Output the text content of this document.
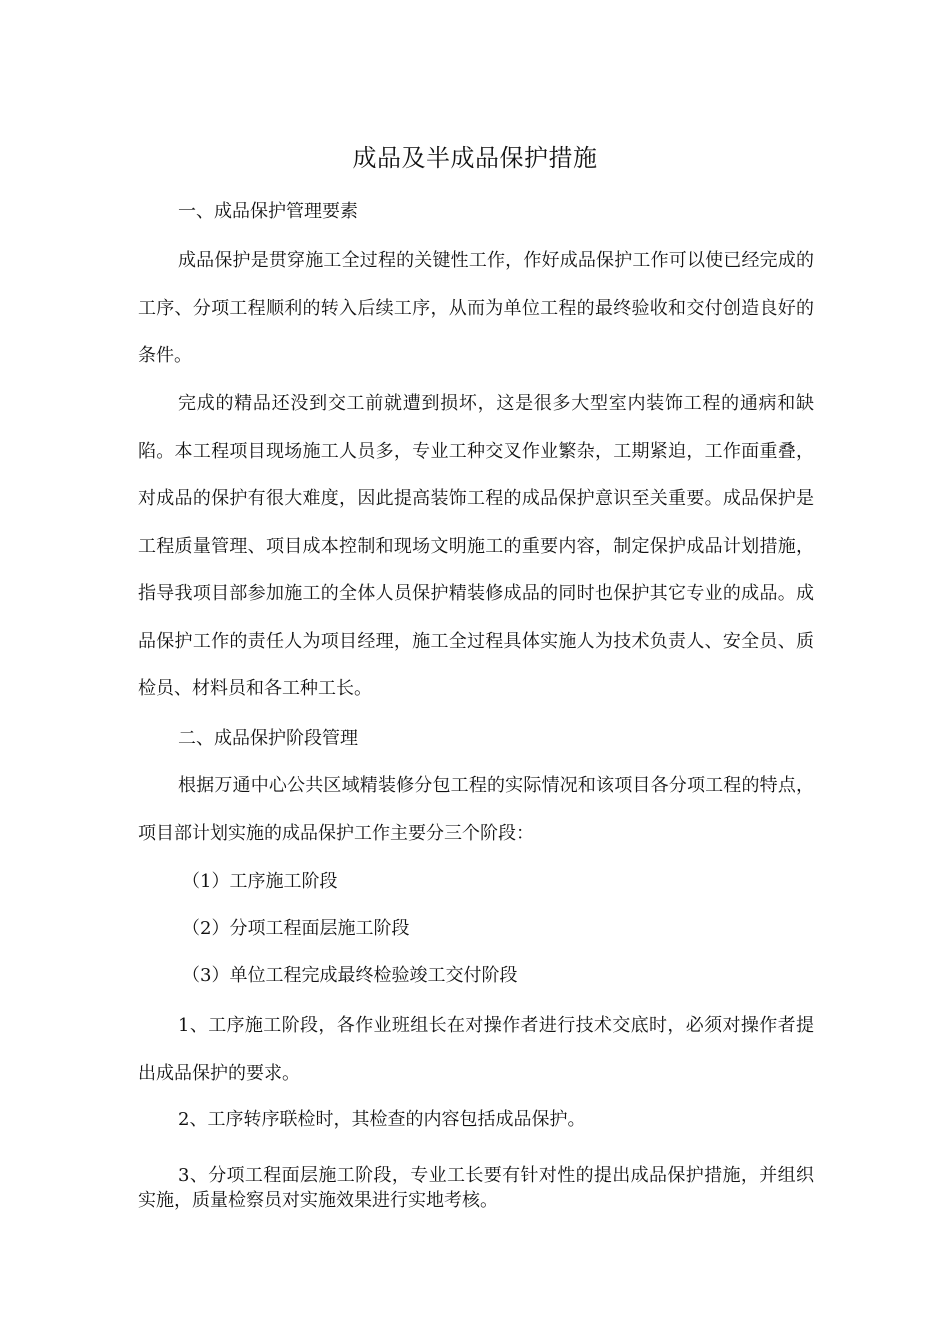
成品及半成品保护措施
一、成品保护管理要素
成品保护是贯穿施工全过程的关键性工作，作好成品保护工作可以使已经完成的工序、分项工程顺利的转入后续工序，从而为单位工程的最终验收和交付创造良好的条件。
完成的精品还没到交工前就遭到损坏，这是很多大型室内装饰工程的通病和缺陷。本工程项目现场施工人员多，专业工种交叉作业繁杂，工期紧迫，工作面重叠，对成品的保护有很大难度，因此提高装饰工程的成品保护意识至关重要。成品保护是工程质量管理、项目成本控制和现场文明施工的重要内容，制定保护成品计划措施，指导我项目部参加施工的全体人员保护精装修成品的同时也保护其它专业的成品。成品保护工作的责任人为项目经理，施工全过程具体实施人为技术负责人、安全员、质检员、材料员和各工种工长。
二、成品保护阶段管理
根据万通中心公共区域精装修分包工程的实际情况和该项目各分项工程的特点，项目部计划实施的成品保护工作主要分三个阶段：
（1）工序施工阶段
（2）分项工程面层施工阶段
（3）单位工程完成最终检验竣工交付阶段
1、工序施工阶段，各作业班组长在对操作者进行技术交底时，必须对操作者提出成品保护的要求。
2、工序转序联检时，其检查的内容包括成品保护。
3、分项工程面层施工阶段，专业工长要有针对性的提出成品保护措施，并组织实施，质量检察员对实施效果进行实地考核。
